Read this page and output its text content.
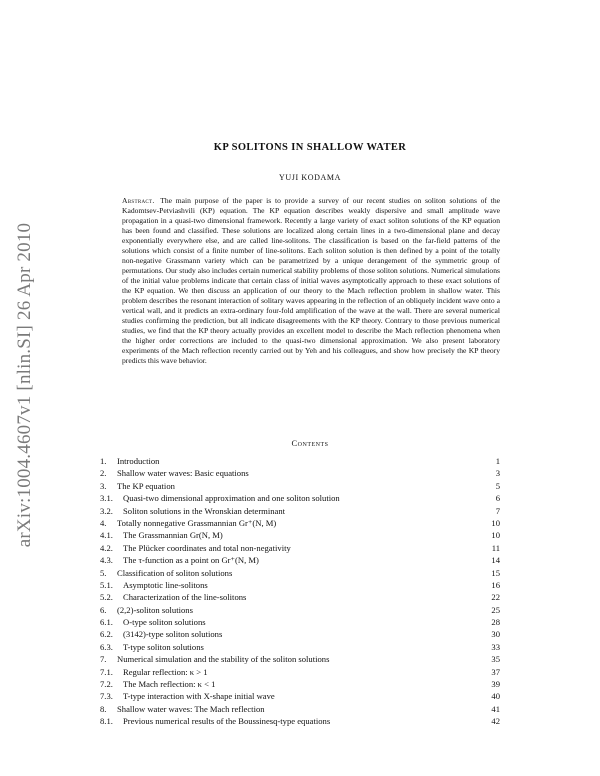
arXiv:1004.4607v1 [nlin.SI] 26 Apr 2010
KP SOLITONS IN SHALLOW WATER
YUJI KODAMA

Abstract. The main purpose of the paper is to provide a survey of our recent studies on soliton solutions of the Kadomtsev-Petviashvili (KP) equation. The KP equation describes weakly dispersive and small amplitude wave propagation in a quasi-two dimensional framework. Recently a large variety of exact soliton solutions of the KP equation has been found and classified. These solutions are localized along certain lines in a two-dimensional plane and decay exponentially everywhere else, and are called line-solitons. The classification is based on the far-field patterns of the solutions which consist of a finite number of line-solitons. Each soliton solution is then defined by a point of the totally non-negative Grassmann variety which can be parametrized by a unique derangement of the symmetric group of permutations. Our study also includes certain numerical stability problems of those soliton solutions. Numerical simulations of the initial value problems indicate that certain class of initial waves asymptotically approach to these exact solutions of the KP equation. We then discuss an application of our theory to the Mach reflection problem in shallow water. This problem describes the resonant interaction of solitary waves appearing in the reflection of an obliquely incident wave onto a vertical wall, and it predicts an extra-ordinary four-fold amplification of the wave at the wall. There are several numerical studies confirming the prediction, but all indicate disagreements with the KP theory. Contrary to those previous numerical studies, we find that the KP theory actually provides an excellent model to describe the Mach reflection phenomena when the higher order corrections are included to the quasi-two dimensional approximation. We also present laboratory experiments of the Mach reflection recently carried out by Yeh and his colleagues, and show how precisely the KP theory predicts this wave behavior.

Contents
1. Introduction	1
2. Shallow water waves: Basic equations	3
3. The KP equation	5
3.1. Quasi-two dimensional approximation and one soliton solution	6
3.2. Soliton solutions in the Wronskian determinant	7
4. Totally nonnegative Grassmannian Gr⁺(N, M)	10
4.1. The Grassmannian Gr(N, M)	10
4.2. The Plücker coordinates and total non-negativity	11
4.3. The τ-function as a point on Gr⁺(N, M)	14
5. Classification of soliton solutions	15
5.1. Asymptotic line-solitons	16
5.2. Characterization of the line-solitons	22
6. (2,2)-soliton solutions	25
6.1. O-type soliton solutions	28
6.2. (3142)-type soliton solutions	30
6.3. T-type soliton solutions	33
7. Numerical simulation and the stability of the soliton solutions	35
7.1. Regular reflection: κ > 1	37
7.2. The Mach reflection: κ < 1	39
7.3. T-type interaction with X-shape initial wave	40
8. Shallow water waves: The Mach reflection	41
8.1. Previous numerical results of the Boussinesq-type equations	42
